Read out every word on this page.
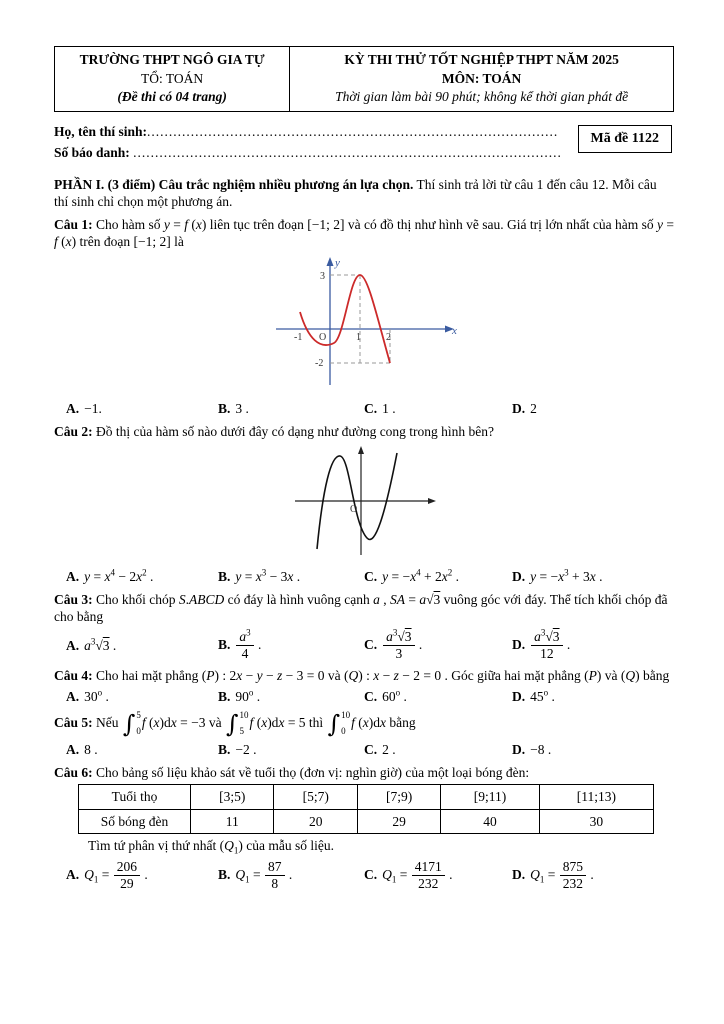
TRƯỜNG THPT NGÔ GIA TỰ
TỔ: TOÁN
(Đề thi có 04 trang)

KỲ THI THỬ TỐT NGHIỆP THPT NĂM 2025
MÔN: TOÁN
Thời gian làm bài 90 phút; không kể thời gian phát đề
Họ, tên thí sinh:..............................................................................................
Số báo danh: ..................................................................................................
Mã đề 1122

PHẦN I. (3 điểm) Câu trắc nghiệm nhiều phương án lựa chọn. Thí sinh trả lời từ câu 1 đến câu 12. Mỗi câu thí sinh chỉ chọn một phương án.

Câu 1: Cho hàm số y = f (x) liên tục trên đoạn [−1; 2] và có đồ thị như hình vẽ sau. Giá trị lớn nhất của hàm số y = f (x) trên đoạn [−1; 2] là

y
x
O
3
-1	1	2
-2
A. −1.	B. 3 .	C. 1 .	D. 2

Câu 2: Đồ thị của hàm số nào dưới đây có dạng như đường cong trong hình bên?

O
A. $y = x^4 - 2x^2$ .	B. $y = x^3 - 3x$ .	C. $y = -x^4 + 2x^2$ .	D. $y = -x^3 + 3x$ .

Câu 3: Cho khối chóp S.ABCD có đáy là hình vuông cạnh a , SA = a√3 vuông góc với đáy. Thể tích khối chóp đã cho bằng

A. $a^3√3$ .	B. $\frac{a^3}{4}$ .	C. $\frac{a^3√3}{3}$ .	D. $\frac{a^3√3}{12}$ .

Câu 4: Cho hai mặt phẳng (P) : 2x − y − z − 3 = 0 và (Q) : x − z − 2 = 0 . Góc giữa hai mặt phẳng (P) và (Q) bằng

A. 30$^o$ .	B. 90$^o$ .	C. 60$^o$ .	D. 45$^o$ .

Câu 5: Nếu ∫ 5
0
f (x)dx = −3 và ∫ 10
5
f (x)dx = 5 thì ∫ 10
0
f (x)dx bằng

A. 8 .	B. −2 .	C. 2 .	D. −8 .

Câu 6: Cho bảng số liệu khảo sát về tuổi thọ (đơn vị: nghìn giờ) của một loại bóng đèn:

Tuổi thọ	[3;5)	[5;7)	[7;9)	[9;11)	[11;13)
Số bóng đèn	11	20	29	40	30

Tìm tứ phân vị thứ nhất $(Q_1)$ của mẫu số liệu.

A. $Q_1 = \frac{206}{29}$ .	B. $Q_1 = \frac{87}{8}$ .	C. $Q_1 = \frac{4171}{232}$ .	D. $Q_1 = \frac{875}{232}$ .
